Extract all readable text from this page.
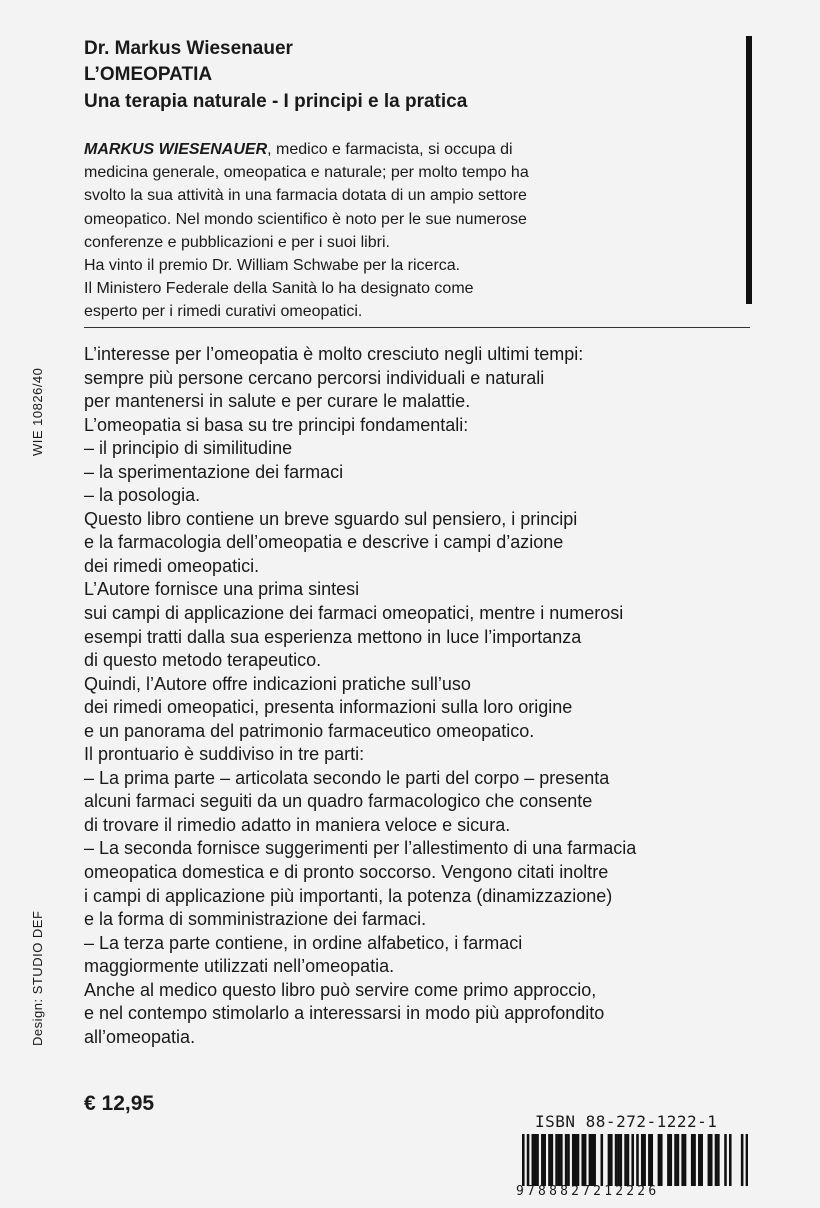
Dr. Markus Wiesenauer
L’OMEOPATIA
Una terapia naturale - I principi e la pratica
MARKUS WIESENAUER, medico e farmacista, si occupa di
medicina generale, omeopatica e naturale; per molto tempo ha
svolto la sua attività in una farmacia dotata di un ampio settore
omeopatico. Nel mondo scientifico è noto per le sue numerose
conferenze e pubblicazioni e per i suoi libri.
Ha vinto il premio Dr. William Schwabe per la ricerca.
Il Ministero Federale della Sanità lo ha designato come
esperto per i rimedi curativi omeopatici.
L’interesse per l’omeopatia è molto cresciuto negli ultimi tempi:
sempre più persone cercano percorsi individuali e naturali
per mantenersi in salute e per curare le malattie.
L’omeopatia si basa su tre principi fondamentali:
– il principio di similitudine
– la sperimentazione dei farmaci
– la posologia.
Questo libro contiene un breve sguardo sul pensiero, i principi
e la farmacologia dell’omeopatia e descrive i campi d’azione
dei rimedi omeopatici.
L’Autore fornisce una prima sintesi
sui campi di applicazione dei farmaci omeopatici, mentre i numerosi
esempi tratti dalla sua esperienza mettono in luce l’importanza
di questo metodo terapeutico.
Quindi, l’Autore offre indicazioni pratiche sull’uso
dei rimedi omeopatici, presenta informazioni sulla loro origine
e un panorama del patrimonio farmaceutico omeopatico.
Il prontuario è suddiviso in tre parti:
– La prima parte – articolata secondo le parti del corpo – presenta
alcuni farmaci seguiti da un quadro farmacologico che consente
di trovare il rimedio adatto in maniera veloce e sicura.
– La seconda fornisce suggerimenti per l’allestimento di una farmacia
omeopatica domestica e di pronto soccorso. Vengono citati inoltre
i campi di applicazione più importanti, la potenza (dinamizzazione)
e la forma di somministrazione dei farmaci.
– La terza parte contiene, in ordine alfabetico, i farmaci
maggiormente utilizzati nell’omeopatia.
Anche al medico questo libro può servire come primo approccio,
e nel contempo stimolarlo a interessarsi in modo più approfondito
all’omeopatia.
WIE 10826/40
Design: STUDIO DEF
€ 12,95
ISBN 88-272-1222-1
9788827212226
